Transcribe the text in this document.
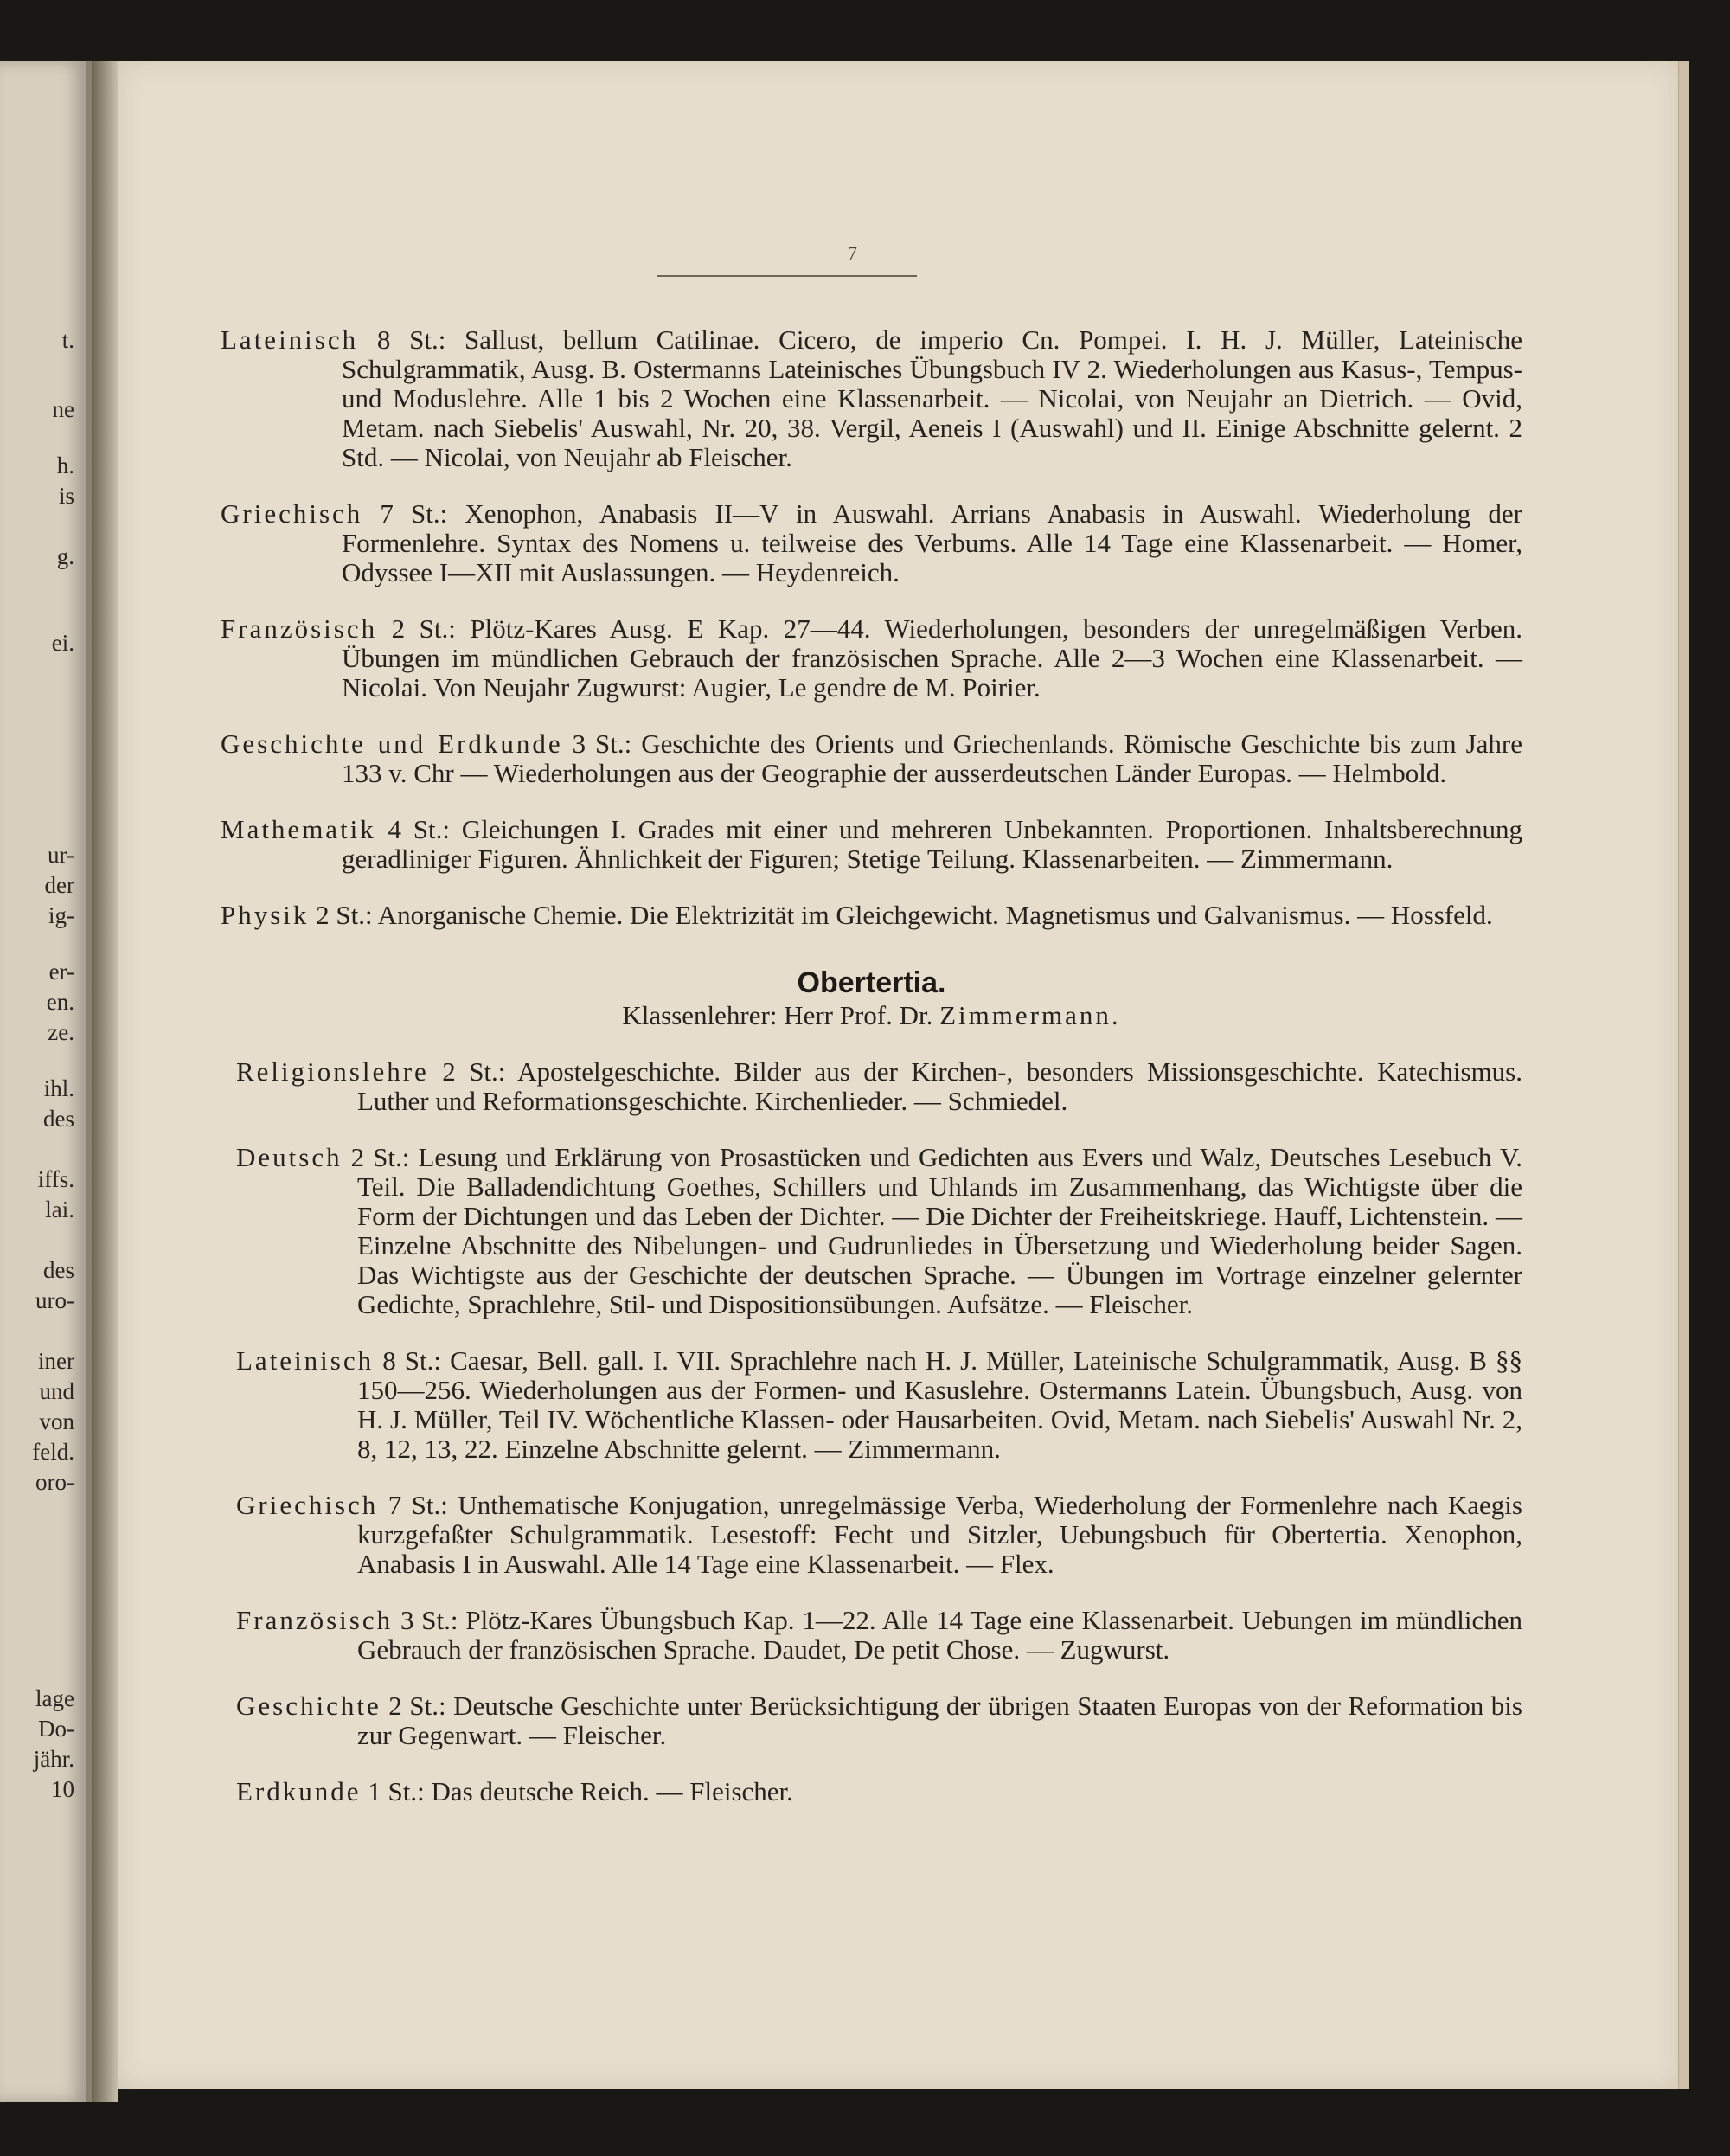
t.
ne
h.
is
g.
ei.
ur-
der
ig-
er-
en.
ze.
ihl.
des
iffs.
lai.
des
uro-
iner
und
von
feld.
oro-
lage
Do-
jähr.
10
7

Lateinisch 8 St.: Sallust, bellum Catilinae. Cicero, de imperio Cn. Pompei. I. H. J. Müller, Lateinische Schulgrammatik, Ausg. B. Ostermanns Lateinisches Übungsbuch IV 2. Wiederholungen aus Kasus-, Tempus- und Moduslehre. Alle 1 bis 2 Wochen eine Klassenarbeit. — Nicolai, von Neujahr an Dietrich. — Ovid, Metam. nach Siebelis' Auswahl, Nr. 20, 38. Vergil, Aeneis I (Auswahl) und II. Einige Abschnitte gelernt. 2 Std. — Nicolai, von Neujahr ab Fleischer.

Griechisch 7 St.: Xenophon, Anabasis II—V in Auswahl. Arrians Anabasis in Auswahl. Wiederholung der Formenlehre. Syntax des Nomens u. teilweise des Verbums. Alle 14 Tage eine Klassenarbeit. — Homer, Odyssee I—XII mit Auslassungen. — Heydenreich.

Französisch 2 St.: Plötz-Kares Ausg. E Kap. 27—44. Wiederholungen, besonders der unregelmäßigen Verben. Übungen im mündlichen Gebrauch der französischen Sprache. Alle 2—3 Wochen eine Klassenarbeit. — Nicolai. Von Neujahr Zugwurst: Augier, Le gendre de M. Poirier.

Geschichte und Erdkunde 3 St.: Geschichte des Orients und Griechenlands. Römische Geschichte bis zum Jahre 133 v. Chr — Wiederholungen aus der Geographie der ausserdeutschen Länder Europas. — Helmbold.

Mathematik 4 St.: Gleichungen I. Grades mit einer und mehreren Unbekannten. Proportionen. Inhaltsberechnung geradliniger Figuren. Ähnlichkeit der Figuren; Stetige Teilung. Klassenarbeiten. — Zimmermann.

Physik 2 St.: Anorganische Chemie. Die Elektrizität im Gleichgewicht. Magnetismus und Galvanismus. — Hossfeld.

Obertertia.
Klassenlehrer: Herr Prof. Dr. Zimmermann.

Religionslehre 2 St.: Apostelgeschichte. Bilder aus der Kirchen-, besonders Missionsgeschichte. Katechismus. Luther und Reformationsgeschichte. Kirchenlieder. — Schmiedel.

Deutsch 2 St.: Lesung und Erklärung von Prosastücken und Gedichten aus Evers und Walz, Deutsches Lesebuch V. Teil. Die Balladendichtung Goethes, Schillers und Uhlands im Zusammenhang, das Wichtigste über die Form der Dichtungen und das Leben der Dichter. — Die Dichter der Freiheitskriege. Hauff, Lichtenstein. — Einzelne Abschnitte des Nibelungen- und Gudrunliedes in Übersetzung und Wiederholung beider Sagen. Das Wichtigste aus der Geschichte der deutschen Sprache. — Übungen im Vortrage einzelner gelernter Gedichte, Sprachlehre, Stil- und Dispositionsübungen. Aufsätze. — Fleischer.

Lateinisch 8 St.: Caesar, Bell. gall. I. VII. Sprachlehre nach H. J. Müller, Lateinische Schulgrammatik, Ausg. B §§ 150—256. Wiederholungen aus der Formen- und Kasuslehre. Ostermanns Latein. Übungsbuch, Ausg. von H. J. Müller, Teil IV. Wöchentliche Klassen- oder Hausarbeiten. Ovid, Metam. nach Siebelis' Auswahl Nr. 2, 8, 12, 13, 22. Einzelne Abschnitte gelernt. — Zimmermann.

Griechisch 7 St.: Unthematische Konjugation, unregelmässige Verba, Wiederholung der Formenlehre nach Kaegis kurzgefaßter Schulgrammatik. Lesestoff: Fecht und Sitzler, Uebungsbuch für Obertertia. Xenophon, Anabasis I in Auswahl. Alle 14 Tage eine Klassenarbeit. — Flex.

Französisch 3 St.: Plötz-Kares Übungsbuch Kap. 1—22. Alle 14 Tage eine Klassenarbeit. Uebungen im mündlichen Gebrauch der französischen Sprache. Daudet, De petit Chose. — Zugwurst.

Geschichte 2 St.: Deutsche Geschichte unter Berücksichtigung der übrigen Staaten Europas von der Reformation bis zur Gegenwart. — Fleischer.

Erdkunde 1 St.: Das deutsche Reich. — Fleischer.
